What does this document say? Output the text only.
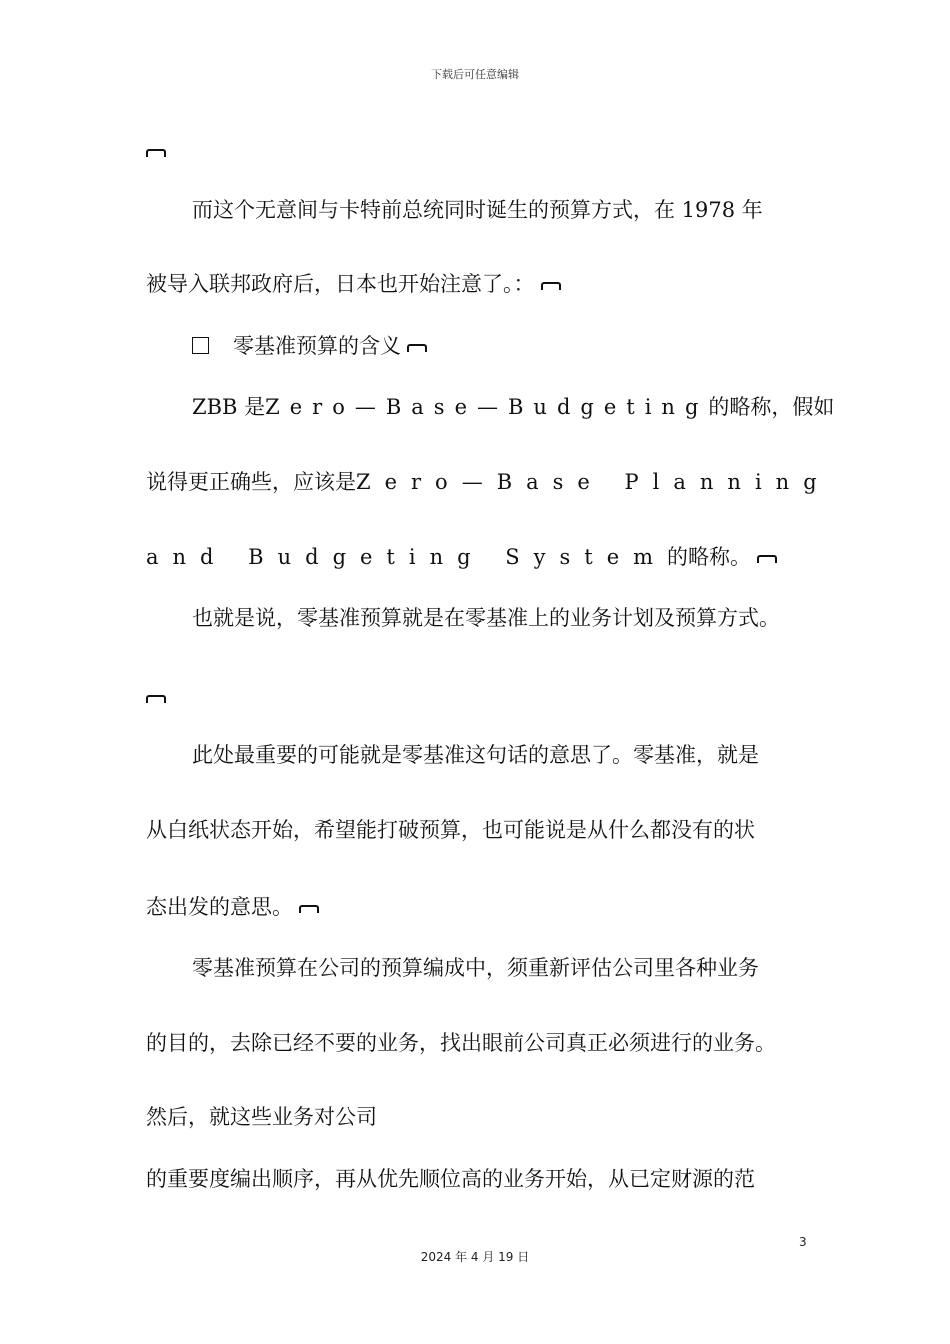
下载后可任意编辑
而这个无意间与卡特前总统同时诞生的预算方式，在 1978 年
被导入联邦政府后，日本也开始注意了。：
零基准预算的含义
ZBB 是Zero—Base—Budgeting的略称，假如
说得更正确些，应该是Zero—Base Planning
and Budgeting System的略称。
也就是说，零基准预算就是在零基准上的业务计划及预算方式。
此处最重要的可能就是零基准这句话的意思了。零基准，就是
从白纸状态开始，希望能打破预算，也可能说是从什么都没有的状
态出发的意思。
零基准预算在公司的预算编成中，须重新评估公司里各种业务
的目的，去除已经不要的业务，找出眼前公司真正必须进行的业务。
然后，就这些业务对公司
的重要度编出顺序，再从优先顺位高的业务开始，从已定财源的范
3
2024 年 4 月 19 日
